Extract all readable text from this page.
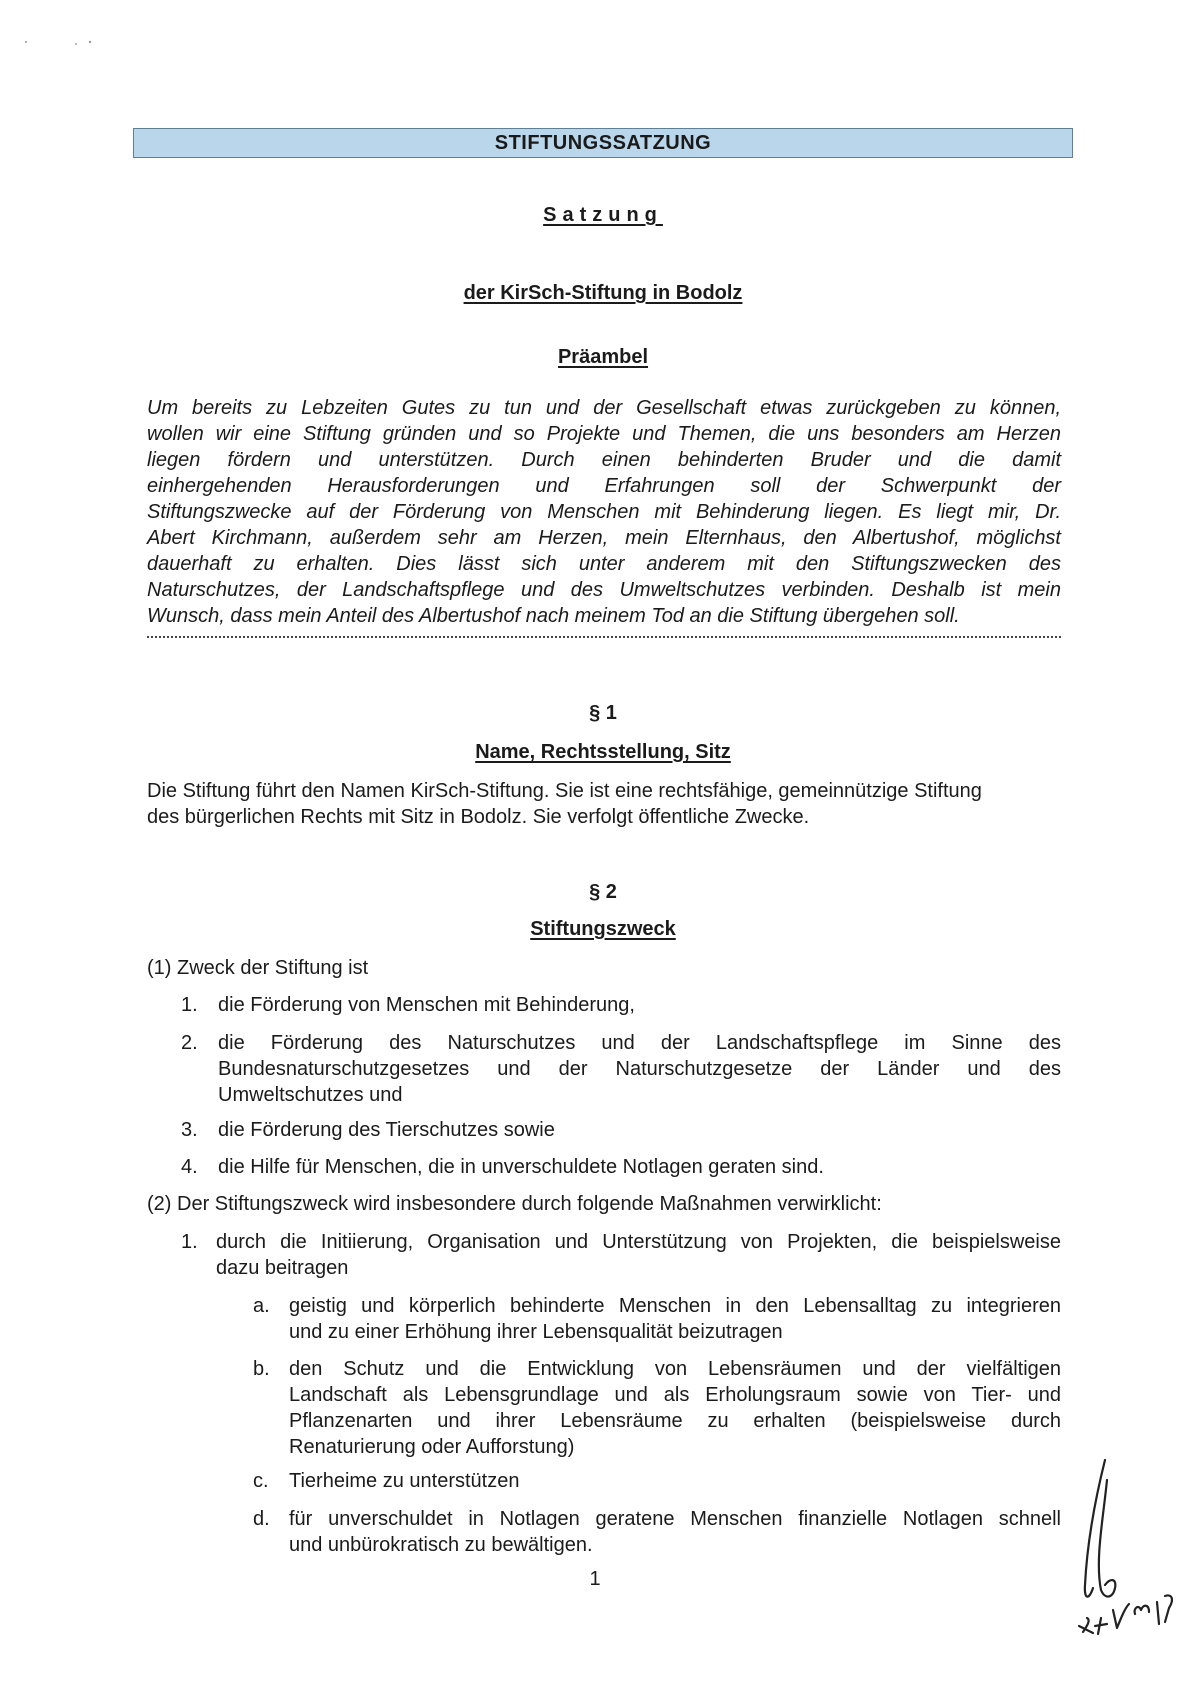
STIFTUNGSSATZUNG
Satzung
der KirSch-Stiftung in Bodolz
Präambel
Um bereits zu Lebzeiten Gutes zu tun und der Gesellschaft etwas zurückgeben zu können,
wollen wir eine Stiftung gründen und so Projekte und Themen, die uns besonders am Herzen
liegen fördern und unterstützen. Durch einen behinderten Bruder und die damit
einhergehenden Herausforderungen und Erfahrungen soll der Schwerpunkt der
Stiftungszwecke auf der Förderung von Menschen mit Behinderung liegen. Es liegt mir, Dr.
Abert Kirchmann, außerdem sehr am Herzen, mein Elternhaus, den Albertushof, möglichst
dauerhaft zu erhalten. Dies lässt sich unter anderem mit den Stiftungszwecken des
Naturschutzes, der Landschaftspflege und des Umweltschutzes verbinden. Deshalb ist mein
Wunsch, dass mein Anteil des Albertushof nach meinem Tod an die Stiftung übergehen soll.
§ 1
Name, Rechtsstellung, Sitz
Die Stiftung führt den Namen KirSch-Stiftung. Sie ist eine rechtsfähige, gemeinnützige Stiftung
des bürgerlichen Rechts mit Sitz in Bodolz. Sie verfolgt öffentliche Zwecke.
§ 2
Stiftungszweck
(1) Zweck der Stiftung ist
1. die Förderung von Menschen mit Behinderung,
2. die Förderung des Naturschutzes und der Landschaftspflege im Sinne des
Bundesnaturschutzgesetzes und der Naturschutzgesetze der Länder und des
Umweltschutzes und
3. die Förderung des Tierschutzes sowie
4. die Hilfe für Menschen, die in unverschuldete Notlagen geraten sind.
(2) Der Stiftungszweck wird insbesondere durch folgende Maßnahmen verwirklicht:
1. durch die Initiierung, Organisation und Unterstützung von Projekten, die beispielsweise
dazu beitragen
a. geistig und körperlich behinderte Menschen in den Lebensalltag zu integrieren
und zu einer Erhöhung ihrer Lebensqualität beizutragen
b. den Schutz und die Entwicklung von Lebensräumen und der vielfältigen
Landschaft als Lebensgrundlage und als Erholungsraum sowie von Tier- und
Pflanzenarten und ihrer Lebensräume zu erhalten (beispielsweise durch
Renaturierung oder Aufforstung)
c. Tierheime zu unterstützen
d. für unverschuldet in Notlagen geratene Menschen finanzielle Notlagen schnell
und unbürokratisch zu bewältigen.
1
